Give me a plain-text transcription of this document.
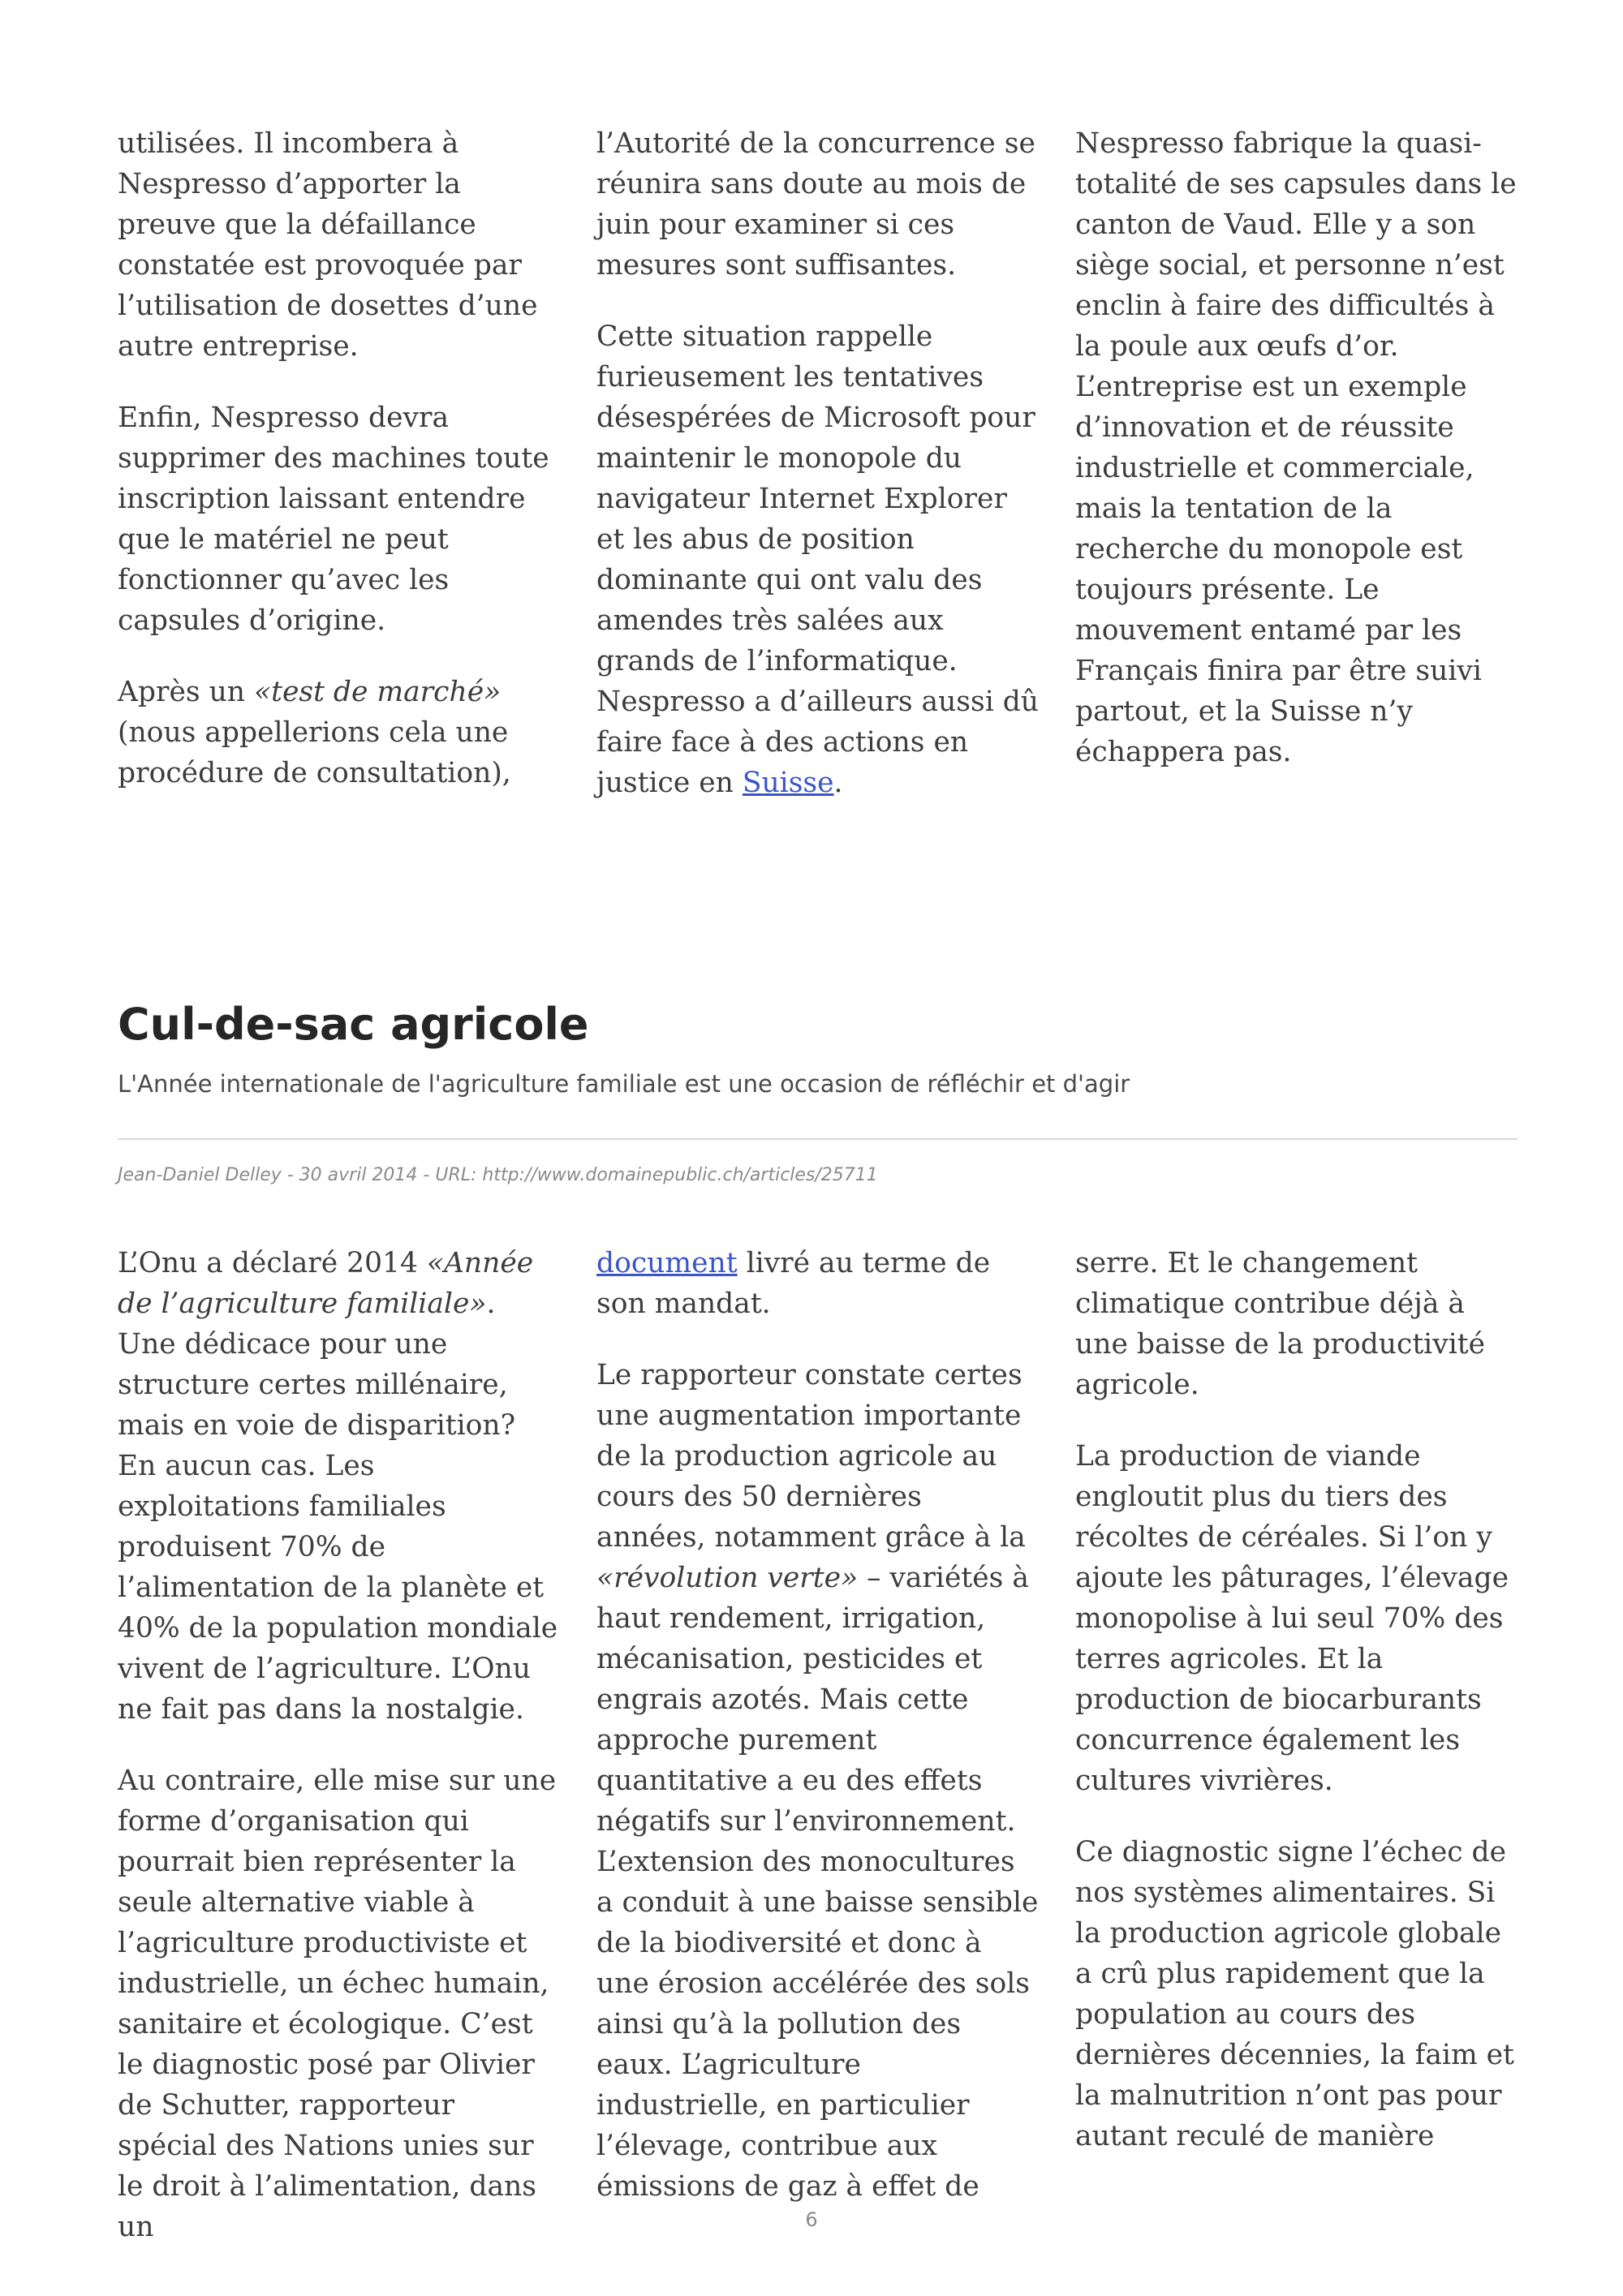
utilisées. Il incombera à Nespresso d’apporter la preuve que la défaillance constatée est provoquée par l’utilisation de dosettes d’une autre entreprise.

Enfin, Nespresso devra supprimer des machines toute inscription laissant entendre que le matériel ne peut fonctionner qu’avec les capsules d’origine.

Après un «test de marché» (nous appellerions cela une procédure de consultation),

l’Autorité de la concurrence se réunira sans doute au mois de juin pour examiner si ces mesures sont suffisantes.

Cette situation rappelle furieusement les tentatives désespérées de Microsoft pour maintenir le monopole du navigateur Internet Explorer et les abus de position dominante qui ont valu des amendes très salées aux grands de l’informatique. Nespresso a d’ailleurs aussi dû faire face à des actions en justice en Suisse.

Nespresso fabrique la quasi-totalité de ses capsules dans le canton de Vaud. Elle y a son siège social, et personne n’est enclin à faire des difficultés à la poule aux œufs d’or. L’entreprise est un exemple d’innovation et de réussite industrielle et commerciale, mais la tentation de la recherche du monopole est toujours présente. Le mouvement entamé par les Français finira par être suivi partout, et la Suisse n’y échappera pas.

Cul-de-sac agricole

L'Année internationale de l'agriculture familiale est une occasion de réfléchir et d'agir

Jean-Daniel Delley - 30 avril 2014 - URL: http://www.domainepublic.ch/articles/25711

L’Onu a déclaré 2014 «Année de l’agriculture familiale». Une dédicace pour une structure certes millénaire, mais en voie de disparition? En aucun cas. Les exploitations familiales produisent 70% de l’alimentation de la planète et 40% de la population mondiale vivent de l’agriculture. L’Onu ne fait pas dans la nostalgie.

Au contraire, elle mise sur une forme d’organisation qui pourrait bien représenter la seule alternative viable à l’agriculture productiviste et industrielle, un échec humain, sanitaire et écologique. C’est le diagnostic posé par Olivier de Schutter, rapporteur spécial des Nations unies sur le droit à l’alimentation, dans un

document livré au terme de son mandat.

Le rapporteur constate certes une augmentation importante de la production agricole au cours des 50 dernières années, notamment grâce à la «révolution verte» – variétés à haut rendement, irrigation, mécanisation, pesticides et engrais azotés. Mais cette approche purement quantitative a eu des effets négatifs sur l’environnement. L’extension des monocultures a conduit à une baisse sensible de la biodiversité et donc à une érosion accélérée des sols ainsi qu’à la pollution des eaux. L’agriculture industrielle, en particulier l’élevage, contribue aux émissions de gaz à effet de

serre. Et le changement climatique contribue déjà à une baisse de la productivité agricole.

La production de viande engloutit plus du tiers des récoltes de céréales. Si l’on y ajoute les pâturages, l’élevage monopolise à lui seul 70% des terres agricoles. Et la production de biocarburants concurrence également les cultures vivrières.

Ce diagnostic signe l’échec de nos systèmes alimentaires. Si la production agricole globale a crû plus rapidement que la population au cours des dernières décennies, la faim et la malnutrition n’ont pas pour autant reculé de manière

6
